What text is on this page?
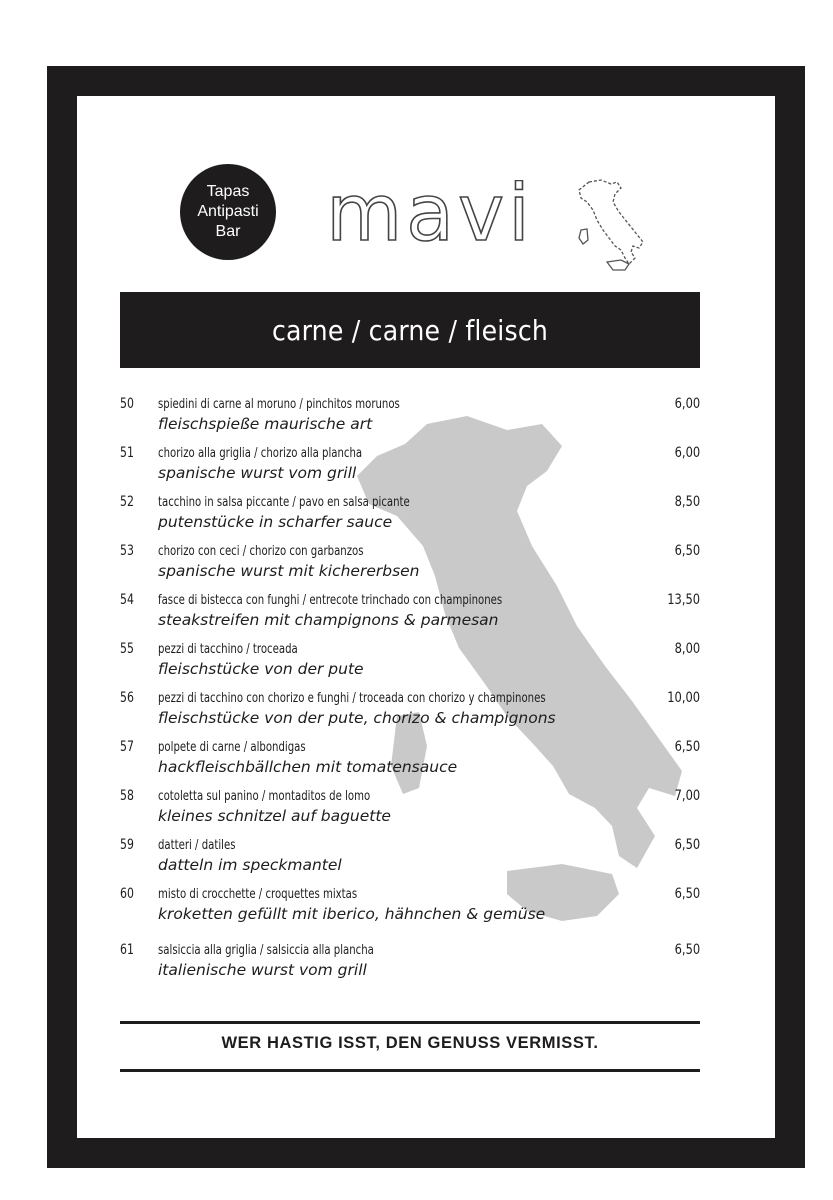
Tapas
Antipasti
Bar mavi
carne / carne / fleisch
50	spiedini di carne al moruno / pinchitos morunos
fleischspieße maurische art
6,00
51	chorizo alla griglia / chorizo alla plancha
spanische wurst vom grill
6,00
52	tacchino in salsa piccante / pavo en salsa picante
putenstücke in scharfer sauce
8,50
53	chorizo con ceci / chorizo con garbanzos
spanische wurst mit kichererbsen
6,50
54	fasce di bistecca con funghi / entrecote trinchado con champinones
steakstreifen mit champignons & parmesan
13,50
55	pezzi di tacchino / troceada
fleischstücke von der pute
8,00
56	pezzi di tacchino con chorizo e funghi / troceada con chorizo y champinones
fleischstücke von der pute, chorizo & champignons
10,00
57	polpete di carne / albondigas
hackfleischbällchen mit tomatensauce
6,50
58	cotoletta sul panino / montaditos de lomo
kleines schnitzel auf baguette
7,00
59	datteri / datiles
datteln im speckmantel
6,50
60	misto di crocchette / croquettes mixtas
kroketten gefüllt mit iberico, hähnchen & gemüse
6,50
61	salsiccia alla griglia / salsiccia alla plancha
italienische wurst vom grill
6,50
WER HASTIG ISST, DEN GENUSS VERMISST.
